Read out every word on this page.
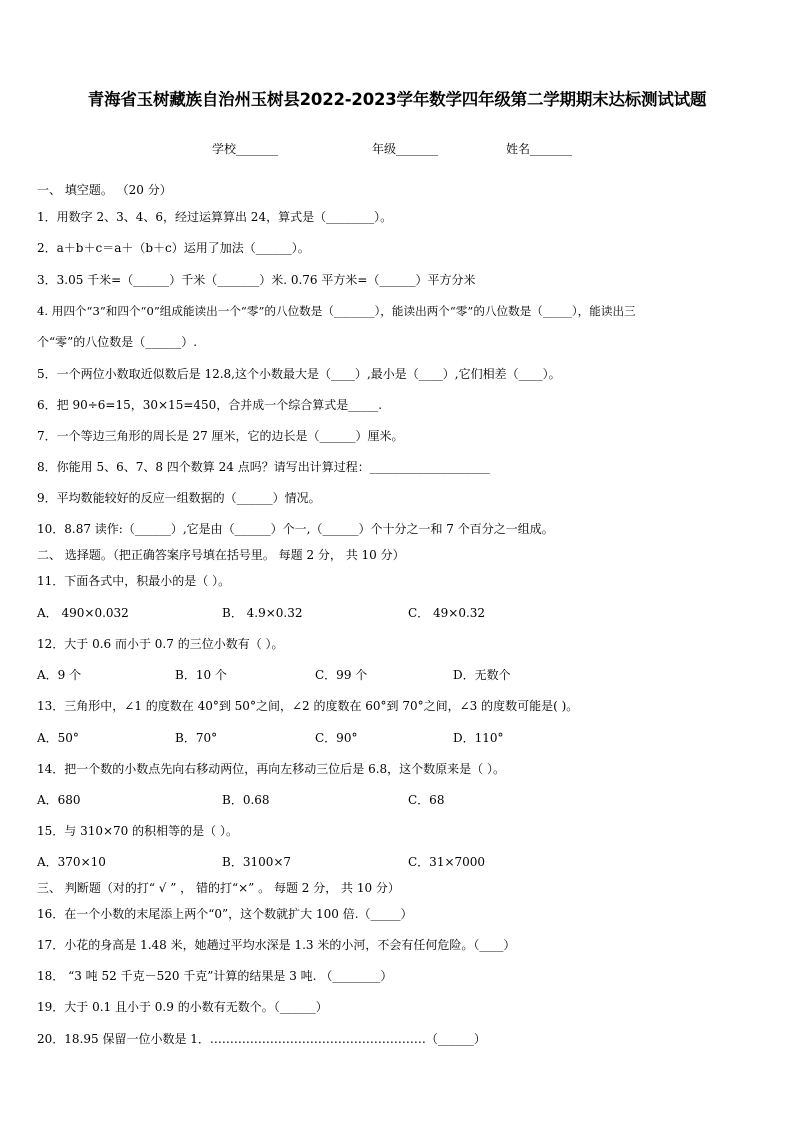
青海省玉树藏族自治州玉树县2022-2023学年数学四年级第二学期期末达标测试试题
学校_______	年级_______	姓名_______
一、 填空题。 （20 分）
1．用数字 2、3、4、6，经过运算算出 24，算式是（________）。
2．a＋b＋c＝a＋（b＋c）运用了加法（______）。
3．3.05 千米=（______）千米（_______）米. 0.76 平方米=（______）平方分米
4. 用四个“3”和四个“0”组成能读出一个“零”的八位数是（_______），能读出两个“零”的八位数是（_____），能读出三
个“零”的八位数是（______）.
5．一个两位小数取近似数后是 12.8,这个小数最大是（____）,最小是（____）,它们相差（____）。
6．把 90÷6=15，30×15=450，合并成一个综合算式是_____.
7．一个等边三角形的周长是 27 厘米，它的边长是（______）厘米。
8．你能用 5、6、7、8 四个数算 24 点吗？请写出计算过程：____________________
9．平均数能较好的反应一组数据的（______）情况。
10．8.87 读作:（______）,它是由（______）个一,（______）个十分之一和 7 个百分之一组成。
二、 选择题。（把正确答案序号填在括号里。 每题 2 分， 共 10 分）
11．下面各式中，积最小的是（ ）。
A． 490×0.032	B． 4.9×0.32	C． 49×0.32
12．大于 0.6 而小于 0.7 的三位小数有（ ）。
A．9 个	B．10 个	C．99 个	D．无数个
13．三角形中，∠1 的度数在 40°到 50°之间，∠2 的度数在 60°到 70°之间，∠3 的度数可能是( )。
A．50°	B．70°	C．90°	D．110°
14．把一个数的小数点先向右移动两位，再向左移动三位后是 6.8，这个数原来是（ ）。
A．680	B．0.68	C．68
15．与 310×70 的积相等的是（ ）。
A．370×10	B．3100×7	C．31×7000
三、 判断题（对的打“ √ ” ， 错的打“×” 。 每题 2 分， 共 10 分）
16．在一个小数的末尾添上两个“0”，这个数就扩大 100 倍.（_____）
17．小花的身高是 1.48 米，她趟过平均水深是 1.3 米的小河，不会有任何危险。（____）
18． “3 吨 52 千克－520 千克”计算的结果是 3 吨. （________）
19．大于 0.1 且小于 0.9 的小数有无数个。（______）
20．18.95 保留一位小数是 1．………………………………………………（______）
